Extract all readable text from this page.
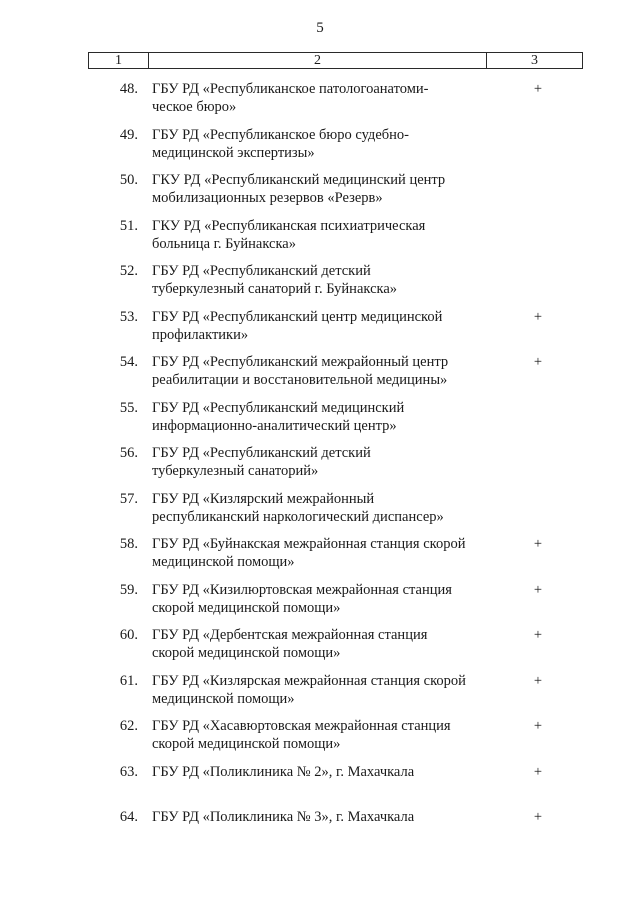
5
1	2	3
48. ГБУ РД «Республиканское патологоанатоми-
ческое бюро»
+
49. ГБУ РД «Республиканское бюро судебно-
медицинской экспертизы»
50. ГКУ РД «Республиканский медицинский центр
мобилизационных резервов «Резерв»
51. ГКУ РД «Республиканская психиатрическая
больница г. Буйнакска»
52. ГБУ РД «Республиканский детский
туберкулезный санаторий г. Буйнакска»
53. ГБУ РД «Республиканский центр медицинской
профилактики»
+
54. ГБУ РД «Республиканский межрайонный центр
реабилитации и восстановительной медицины»
+
55. ГБУ РД «Республиканский медицинский
информационно-аналитический центр»
56. ГБУ РД «Республиканский детский
туберкулезный санаторий»
57. ГБУ РД «Кизлярский межрайонный
республиканский наркологический диспансер»
58. ГБУ РД «Буйнакская межрайонная станция скорой
медицинской помощи»
+
59. ГБУ РД «Кизилюртовская межрайонная станция
скорой медицинской помощи»
+
60. ГБУ РД «Дербентская межрайонная станция
скорой медицинской помощи»
+
61. ГБУ РД «Кизлярская межрайонная станция скорой
медицинской помощи»
+
62. ГБУ РД «Хасавюртовская межрайонная станция
скорой медицинской помощи»
+
63. ГБУ РД «Поликлиника № 2», г. Махачкала	+
64. ГБУ РД «Поликлиника № 3», г. Махачкала	+
